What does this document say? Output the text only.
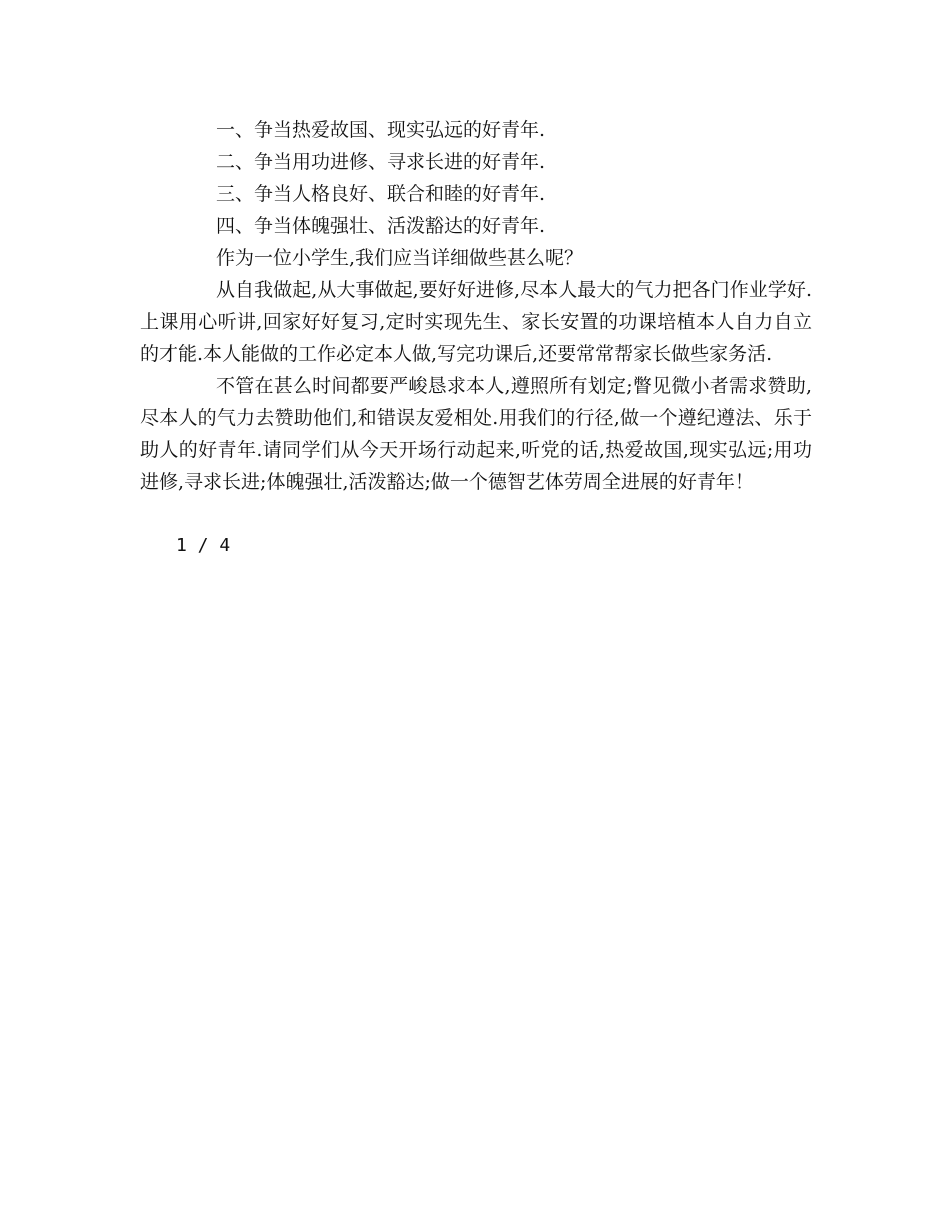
一、争当热爱故国、现实弘远的好青年.

二、争当用功进修、寻求长进的好青年.

三、争当人格良好、联合和睦的好青年.

四、争当体魄强壮、活泼豁达的好青年.

作为一位小学生,我们应当详细做些甚么呢？

从自我做起,从大事做起,要好好进修,尽本人最大的气力把各门作业学好.上课用心听讲,回家好好复习,定时实现先生、家长安置的功课培植本人自力自立的才能.本人能做的工作必定本人做,写完功课后,还要常常帮家长做些家务活.

不管在甚么时间都要严峻恳求本人,遵照所有划定;瞥见微小者需求赞助,尽本人的气力去赞助他们,和错误友爱相处.用我们的行径,做一个遵纪遵法、乐于助人的好青年.请同学们从今天开场行动起来,听党的话,热爱故国,现实弘远;用功进修,寻求长进;体魄强壮,活泼豁达;做一个德智艺体劳周全进展的好青年！

1 / 4
